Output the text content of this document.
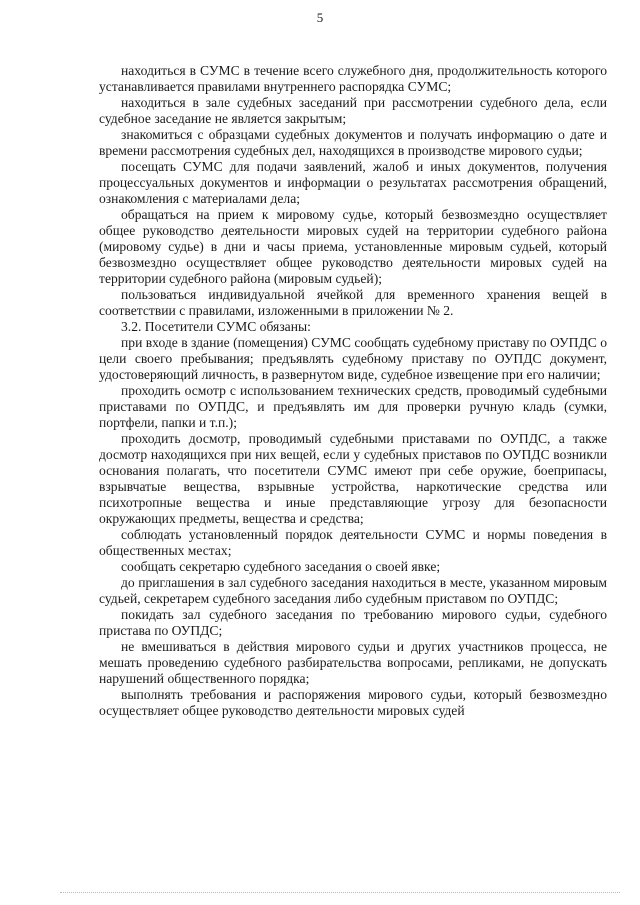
5

находиться в СУМС в течение всего служебного дня, продолжительность которого устанавливается правилами внутреннего распорядка СУМС;

находиться в зале судебных заседаний при рассмотрении судебного дела, если судебное заседание не является закрытым;

знакомиться с образцами судебных документов и получать информацию о дате и времени рассмотрения судебных дел, находящихся в производстве мирового судьи;

посещать СУМС для подачи заявлений, жалоб и иных документов, получения процессуальных документов и информации о результатах рассмотрения обращений, ознакомления с материалами дела;

обращаться на прием к мировому судье, который безвозмездно осуществляет общее руководство деятельности мировых судей на территории судебного района (мировому судье) в дни и часы приема, установленные мировым судьей, который безвозмездно осуществляет общее руководство деятельности мировых судей на территории судебного района (мировым судьей);

пользоваться индивидуальной ячейкой для временного хранения вещей в соответствии с правилами, изложенными в приложении № 2.

3.2. Посетители СУМС обязаны:

при входе в здание (помещения) СУМС сообщать судебному приставу по ОУПДС о цели своего пребывания; предъявлять судебному приставу по ОУПДС документ, удостоверяющий личность, в развернутом виде, судебное извещение при его наличии;

проходить осмотр с использованием технических средств, проводимый судебными приставами по ОУПДС, и предъявлять им для проверки ручную кладь (сумки, портфели, папки и т.п.);

проходить досмотр, проводимый судебными приставами по ОУПДС, а также досмотр находящихся при них вещей, если у судебных приставов по ОУПДС возникли основания полагать, что посетители СУМС имеют при себе оружие, боеприпасы, взрывчатые вещества, взрывные устройства, наркотические средства или психотропные вещества и иные представляющие угрозу для безопасности окружающих предметы, вещества и средства;

соблюдать установленный порядок деятельности СУМС и нормы поведения в общественных местах;

сообщать секретарю судебного заседания о своей явке;

до приглашения в зал судебного заседания находиться в месте, указанном мировым судьей, секретарем судебного заседания либо судебным приставом по ОУПДС;

покидать зал судебного заседания по требованию мирового судьи, судебного пристава по ОУПДС;

не вмешиваться в действия мирового судьи и других участников процесса, не мешать проведению судебного разбирательства вопросами, репликами, не допускать нарушений общественного порядка;

выполнять требования и распоряжения мирового судьи, который безвозмездно осуществляет общее руководство деятельности мировых судей
